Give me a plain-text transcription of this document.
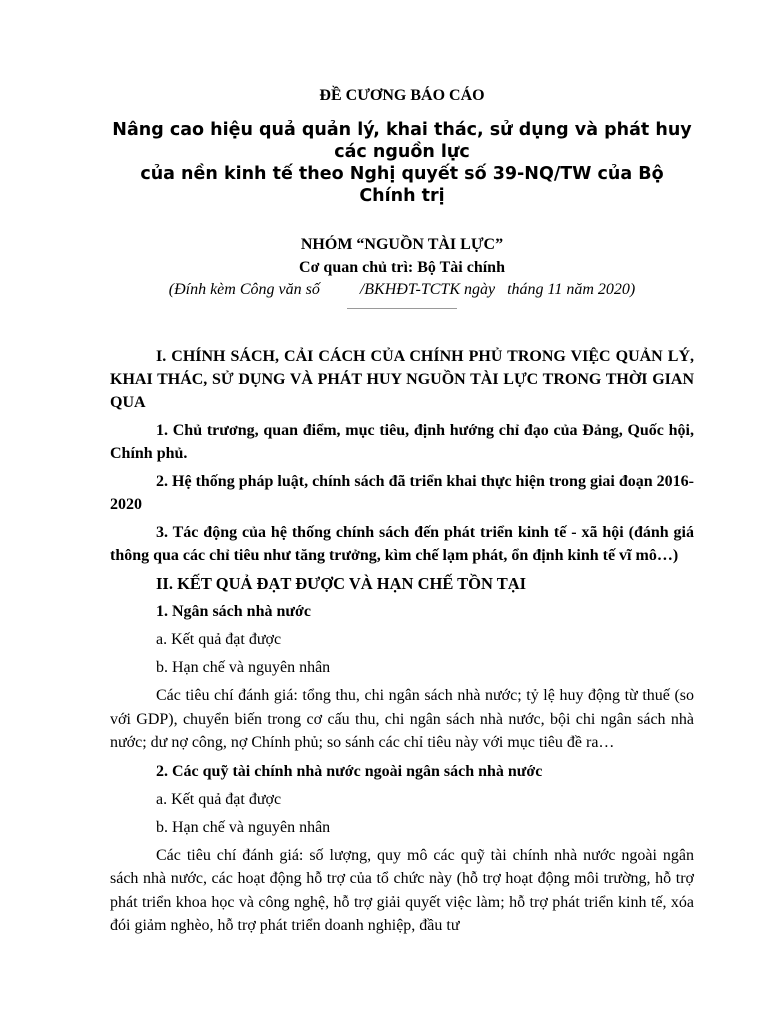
ĐỀ CƯƠNG BÁO CÁO

Nâng cao hiệu quả quản lý, khai thác, sử dụng và phát huy các nguồn lực
của nền kinh tế theo Nghị quyết số 39-NQ/TW của Bộ Chính trị

NHÓM “NGUỒN TÀI LỰC”

Cơ quan chủ trì: Bộ Tài chính

(Đính kèm Công văn số          /BKHĐT-TCTK ngày   tháng 11 năm 2020)

I. CHÍNH SÁCH, CẢI CÁCH CỦA CHÍNH PHỦ TRONG VIỆC QUẢN LÝ, KHAI THÁC, SỬ DỤNG VÀ PHÁT HUY NGUỒN TÀI LỰC TRONG THỜI GIAN QUA

1. Chủ trương, quan điểm, mục tiêu, định hướng chỉ đạo của Đảng, Quốc hội, Chính phủ.

2. Hệ thống pháp luật, chính sách đã triển khai thực hiện trong giai đoạn 2016-2020

3. Tác động của hệ thống chính sách đến phát triển kinh tế - xã hội (đánh giá thông qua các chỉ tiêu như tăng trưởng, kìm chế lạm phát, ổn định kinh tế vĩ mô…)

II. KẾT QUẢ ĐẠT ĐƯỢC VÀ HẠN CHẾ TỒN TẠI

1. Ngân sách nhà nước

a. Kết quả đạt được

b. Hạn chế và nguyên nhân

Các tiêu chí đánh giá: tổng thu, chi ngân sách nhà nước; tỷ lệ huy động từ thuế (so với GDP), chuyển biến trong cơ cấu thu, chi ngân sách nhà nước, bội chi ngân sách nhà nước; dư nợ công, nợ Chính phủ; so sánh các chỉ tiêu này với mục tiêu đề ra…

2. Các quỹ tài chính nhà nước ngoài ngân sách nhà nước

a. Kết quả đạt được

b. Hạn chế và nguyên nhân

Các tiêu chí đánh giá: số lượng, quy mô các quỹ tài chính nhà nước ngoài ngân sách nhà nước, các hoạt động hỗ trợ của tổ chức này (hỗ trợ hoạt động môi trường, hỗ trợ phát triển khoa học và công nghệ, hỗ trợ giải quyết việc làm; hỗ trợ phát triển kinh tế, xóa đói giảm nghèo, hỗ trợ phát triển doanh nghiệp, đầu tư
